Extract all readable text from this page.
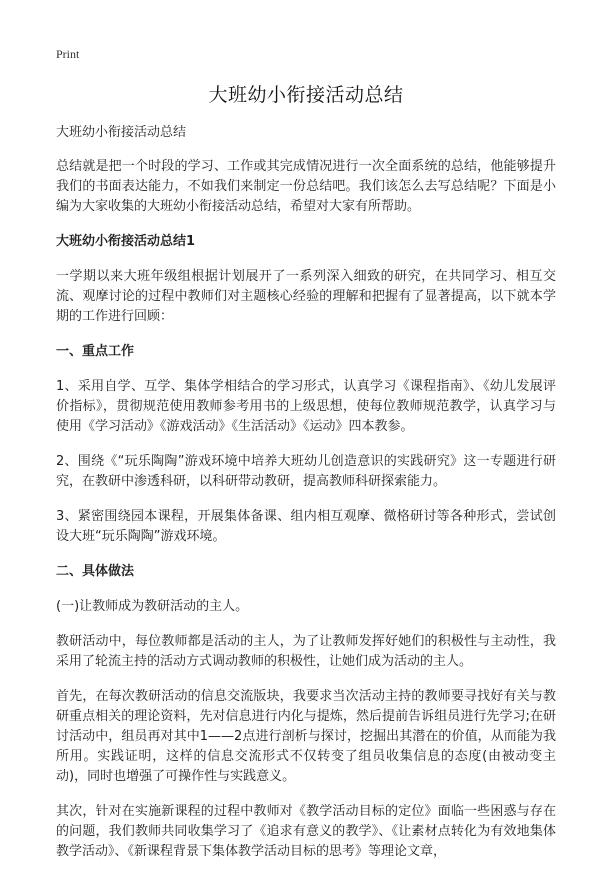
Print
大班幼小衔接活动总结

大班幼小衔接活动总结

总结就是把一个时段的学习、工作或其完成情况进行一次全面系统的总结，他能够提升我们的书面表达能力，不如我们来制定一份总结吧。我们该怎么去写总结呢？下面是小编为大家收集的大班幼小衔接活动总结，希望对大家有所帮助。

大班幼小衔接活动总结1

一学期以来大班年级组根据计划展开了一系列深入细致的研究，在共同学习、相互交流、观摩讨论的过程中教师们对主题核心经验的理解和把握有了显著提高，以下就本学期的工作进行回顾：

一、重点工作

1、采用自学、互学、集体学相结合的学习形式，认真学习《课程指南》、《幼儿发展评价指标》，贯彻规范使用教师参考用书的上级思想，使每位教师规范教学，认真学习与使用《学习活动》《游戏活动》《生活活动》《运动》四本教参。

2、围绕《“玩乐陶陶”游戏环境中培养大班幼儿创造意识的实践研究》这一专题进行研究，在教研中渗透科研，以科研带动教研，提高教师科研探索能力。

3、紧密围绕园本课程，开展集体备课、组内相互观摩、微格研讨等各种形式，尝试创设大班“玩乐陶陶”游戏环境。

二、具体做法

(一)让教师成为教研活动的主人。

教研活动中，每位教师都是活动的主人，为了让教师发挥好她们的积极性与主动性，我采用了轮流主持的活动方式调动教师的积极性，让她们成为活动的主人。

首先，在每次教研活动的信息交流版块，我要求当次活动主持的教师要寻找好有关与教研重点相关的理论资料，先对信息进行内化与提炼，然后提前告诉组员进行先学习;在研讨活动中，组员再对其中1——2点进行剖析与探讨，挖掘出其潜在的价值，从而能为我所用。实践证明，这样的信息交流形式不仅转变了组员收集信息的态度(由被动变主动)，同时也增强了可操作性与实践意义。

其次，针对在实施新课程的过程中教师对《教学活动目标的定位》面临一些困惑与存在的问题，我们教师共同收集学习了《追求有意义的教学》、《让素材点转化为有效地集体教学活动》、《新课程背景下集体教学活动目标的思考》等理论文章，
